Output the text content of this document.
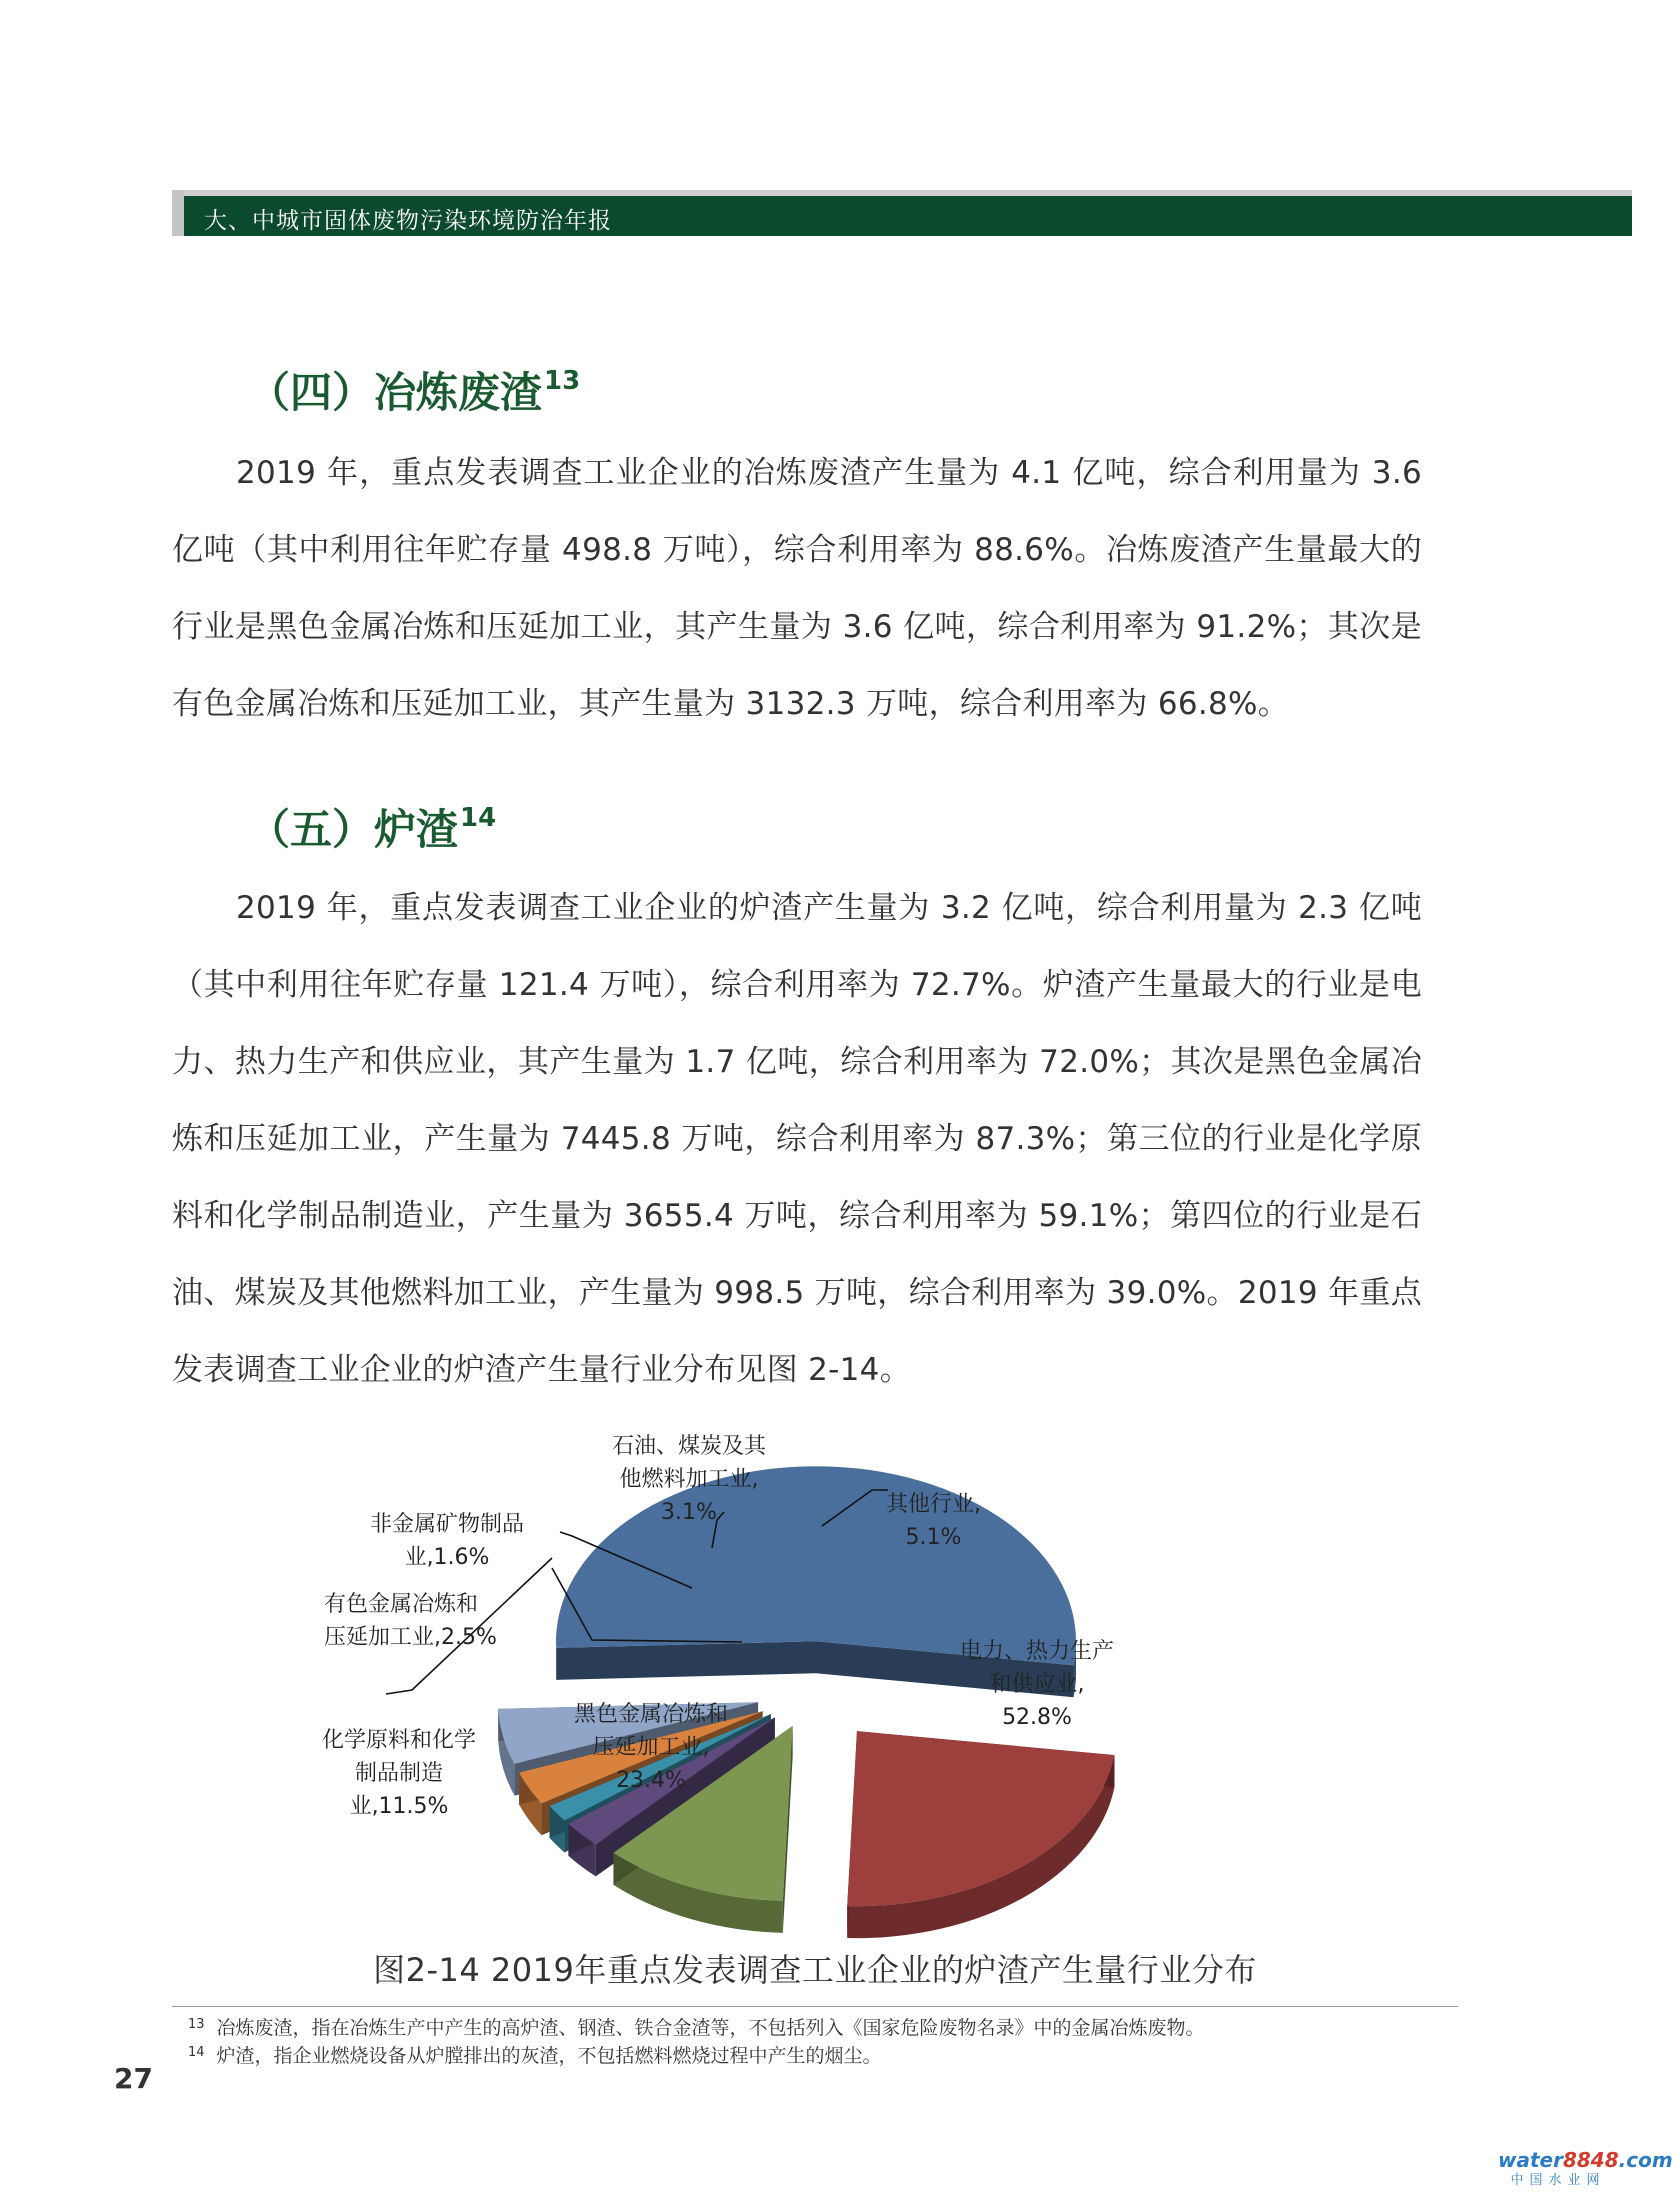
大、中城市固体废物污染环境防治年报
（四）冶炼废渣$^{13}$
2019 年，重点发表调查工业企业的冶炼废渣产生量为 4.1 亿吨，综合利用量为 3.6 亿吨（其中利用往年贮存量 498.8 万吨），综合利用率为 88.6%。冶炼废渣产生量最大的行业是黑色金属冶炼和压延加工业，其产生量为 3.6 亿吨，综合利用率为 91.2%；其次是有色金属冶炼和压延加工业，其产生量为 3132.3 万吨，综合利用率为 66.8%。
（五）炉渣$^{14}$
2019 年，重点发表调查工业企业的炉渣产生量为 3.2 亿吨，综合利用量为 2.3 亿吨（其中利用往年贮存量 121.4 万吨），综合利用率为 72.7%。炉渣产生量最大的行业是电力、热力生产和供应业，其产生量为 1.7 亿吨，综合利用率为 72.0%；其次是黑色金属冶炼和压延加工业，产生量为 7445.8 万吨，综合利用率为 87.3%；第三位的行业是化学原料和化学制品制造业，产生量为 3655.4 万吨，综合利用率为 59.1%；第四位的行业是石油、煤炭及其他燃料加工业，产生量为 998.5 万吨，综合利用率为 39.0%。2019 年重点发表调查工业企业的炉渣产生量行业分布见图 2-14。
电力、热力生产
和供应业,
52.8%
黑色金属冶炼和
压延加工业,
23.4%
化学原料和化学
制品制造
业,11.5%
有色金属冶炼和
压延加工业,2.5%
非金属矿物制品
业,1.6%
石油、煤炭及其
他燃料加工业,
3.1%	其他行业,
5.1%
图2-14 2019年重点发表调查工业企业的炉渣产生量行业分布
$^{13}$ 冶炼废渣，指在冶炼生产中产生的高炉渣、钢渣、铁合金渣等，不包括列入《国家危险废物名录》中的金属冶炼废物。
$^{14}$ 炉渣，指企业燃烧设备从炉膛排出的灰渣，不包括燃料燃烧过程中产生的烟尘。
27
water8848.com
中国水业网
